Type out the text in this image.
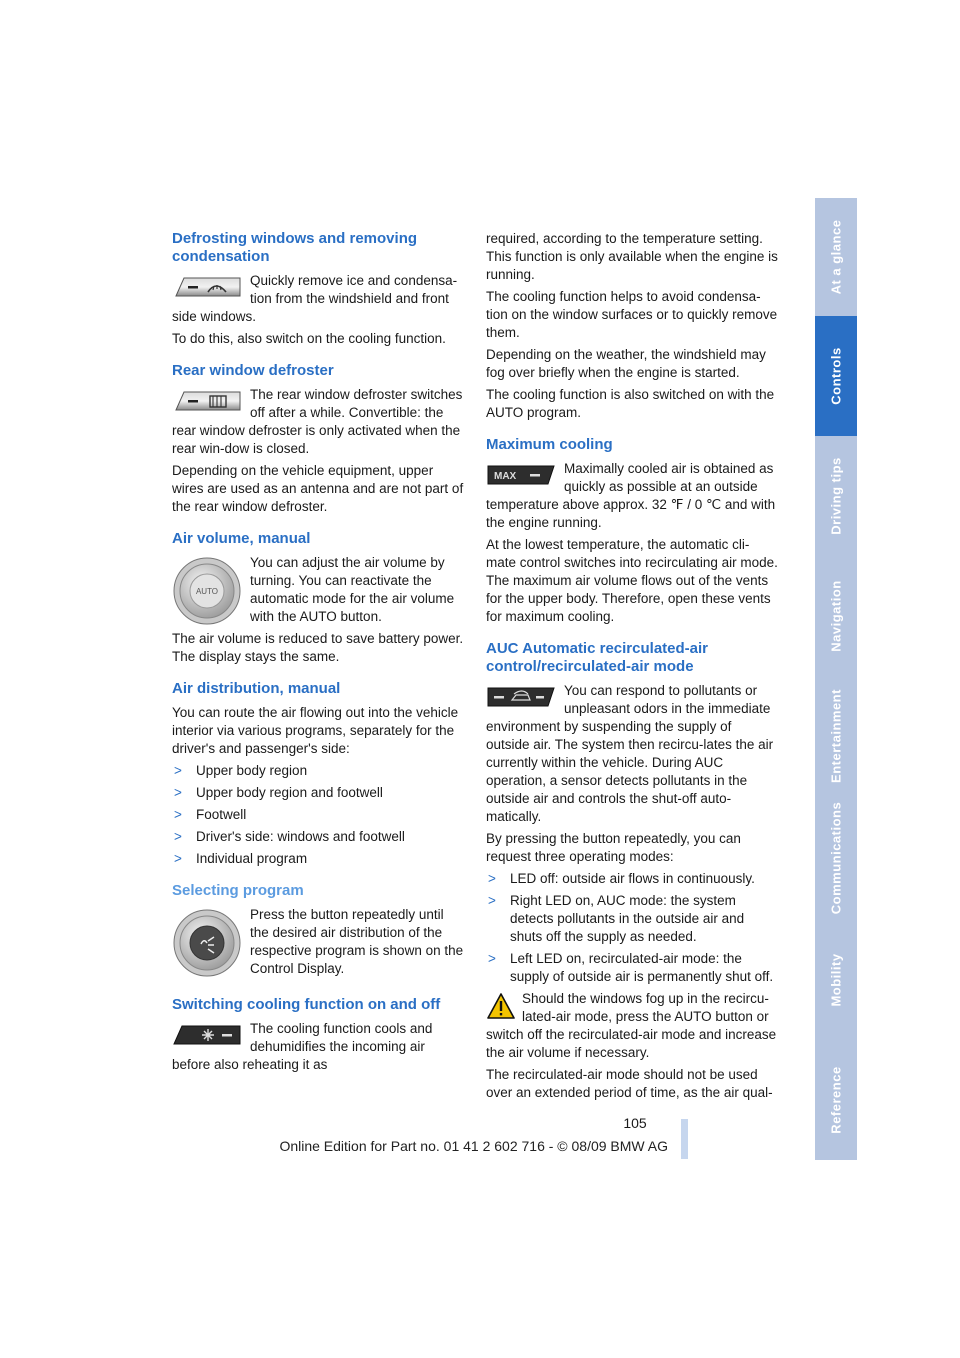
Defrosting windows and removing condensation

Quickly remove ice and condensa-tion from the windshield and front side windows.

To do this, also switch on the cooling function.

Rear window defroster

The rear window defroster switches off after a while. Convertible: the rear window defroster is only activated when the rear win-dow is closed.

Depending on the vehicle equipment, upper wires are used as an antenna and are not part of the rear window defroster.

Air volume, manual
AUTO

You can adjust the air volume by turning. You can reactivate the automatic mode for the air volume with the AUTO button.

The air volume is reduced to save battery power. The display stays the same.

Air distribution, manual

You can route the air flowing out into the vehicle interior via various programs, separately for the driver's and passenger's side:

> Upper body region
> Upper body region and footwell
> Footwell
> Driver's side: windows and footwell
> Individual program
Selecting program

Press the button repeatedly until the desired air distribution of the respective program is shown on the Control Display.

Switching cooling function on and off

The cooling function cools and dehumidifies the incoming air before also reheating it as

required, according to the temperature setting. This function is only available when the engine is running.

The cooling function helps to avoid condensa-tion on the window surfaces or to quickly remove them.

Depending on the weather, the windshield may fog over briefly when the engine is started.

The cooling function is also switched on with the AUTO program.

Maximum cooling
MAX

Maximally cooled air is obtained as quickly as possible at an outside temperature above approx. 32 ℉ / 0 ℃ and with the engine running.

At the lowest temperature, the automatic cli-mate control switches into recirculating air mode. The maximum air volume flows out of the vents for the upper body. Therefore, open these vents for maximum cooling.

AUC Automatic recirculated-air control/recirculated-air mode

You can respond to pollutants or unpleasant odors in the immediate environment by suspending the supply of outside air. The system then recircu-lates the air currently within the vehicle. During AUC operation, a sensor detects pollutants in the outside air and controls the shut-off auto-matically.

By pressing the button repeatedly, you can request three operating modes:

> LED off: outside air flows in continuously.
> Right LED on, AUC mode: the system detects pollutants in the outside air and shuts off the supply as needed.
> Left LED on, recirculated-air mode: the supply of outside air is permanently shut off.

Should the windows fog up in the recircu-lated-air mode, press the AUTO button or switch off the recirculated-air mode and increase the air volume if necessary.

The recirculated-air mode should not be used over an extended period of time, as the air qual-

At a glance
Controls
Driving tips
Navigation
Entertainment
Communications
Mobility
Reference
105
Online Edition for Part no. 01 41 2 602 716 - © 08/09 BMW AG
